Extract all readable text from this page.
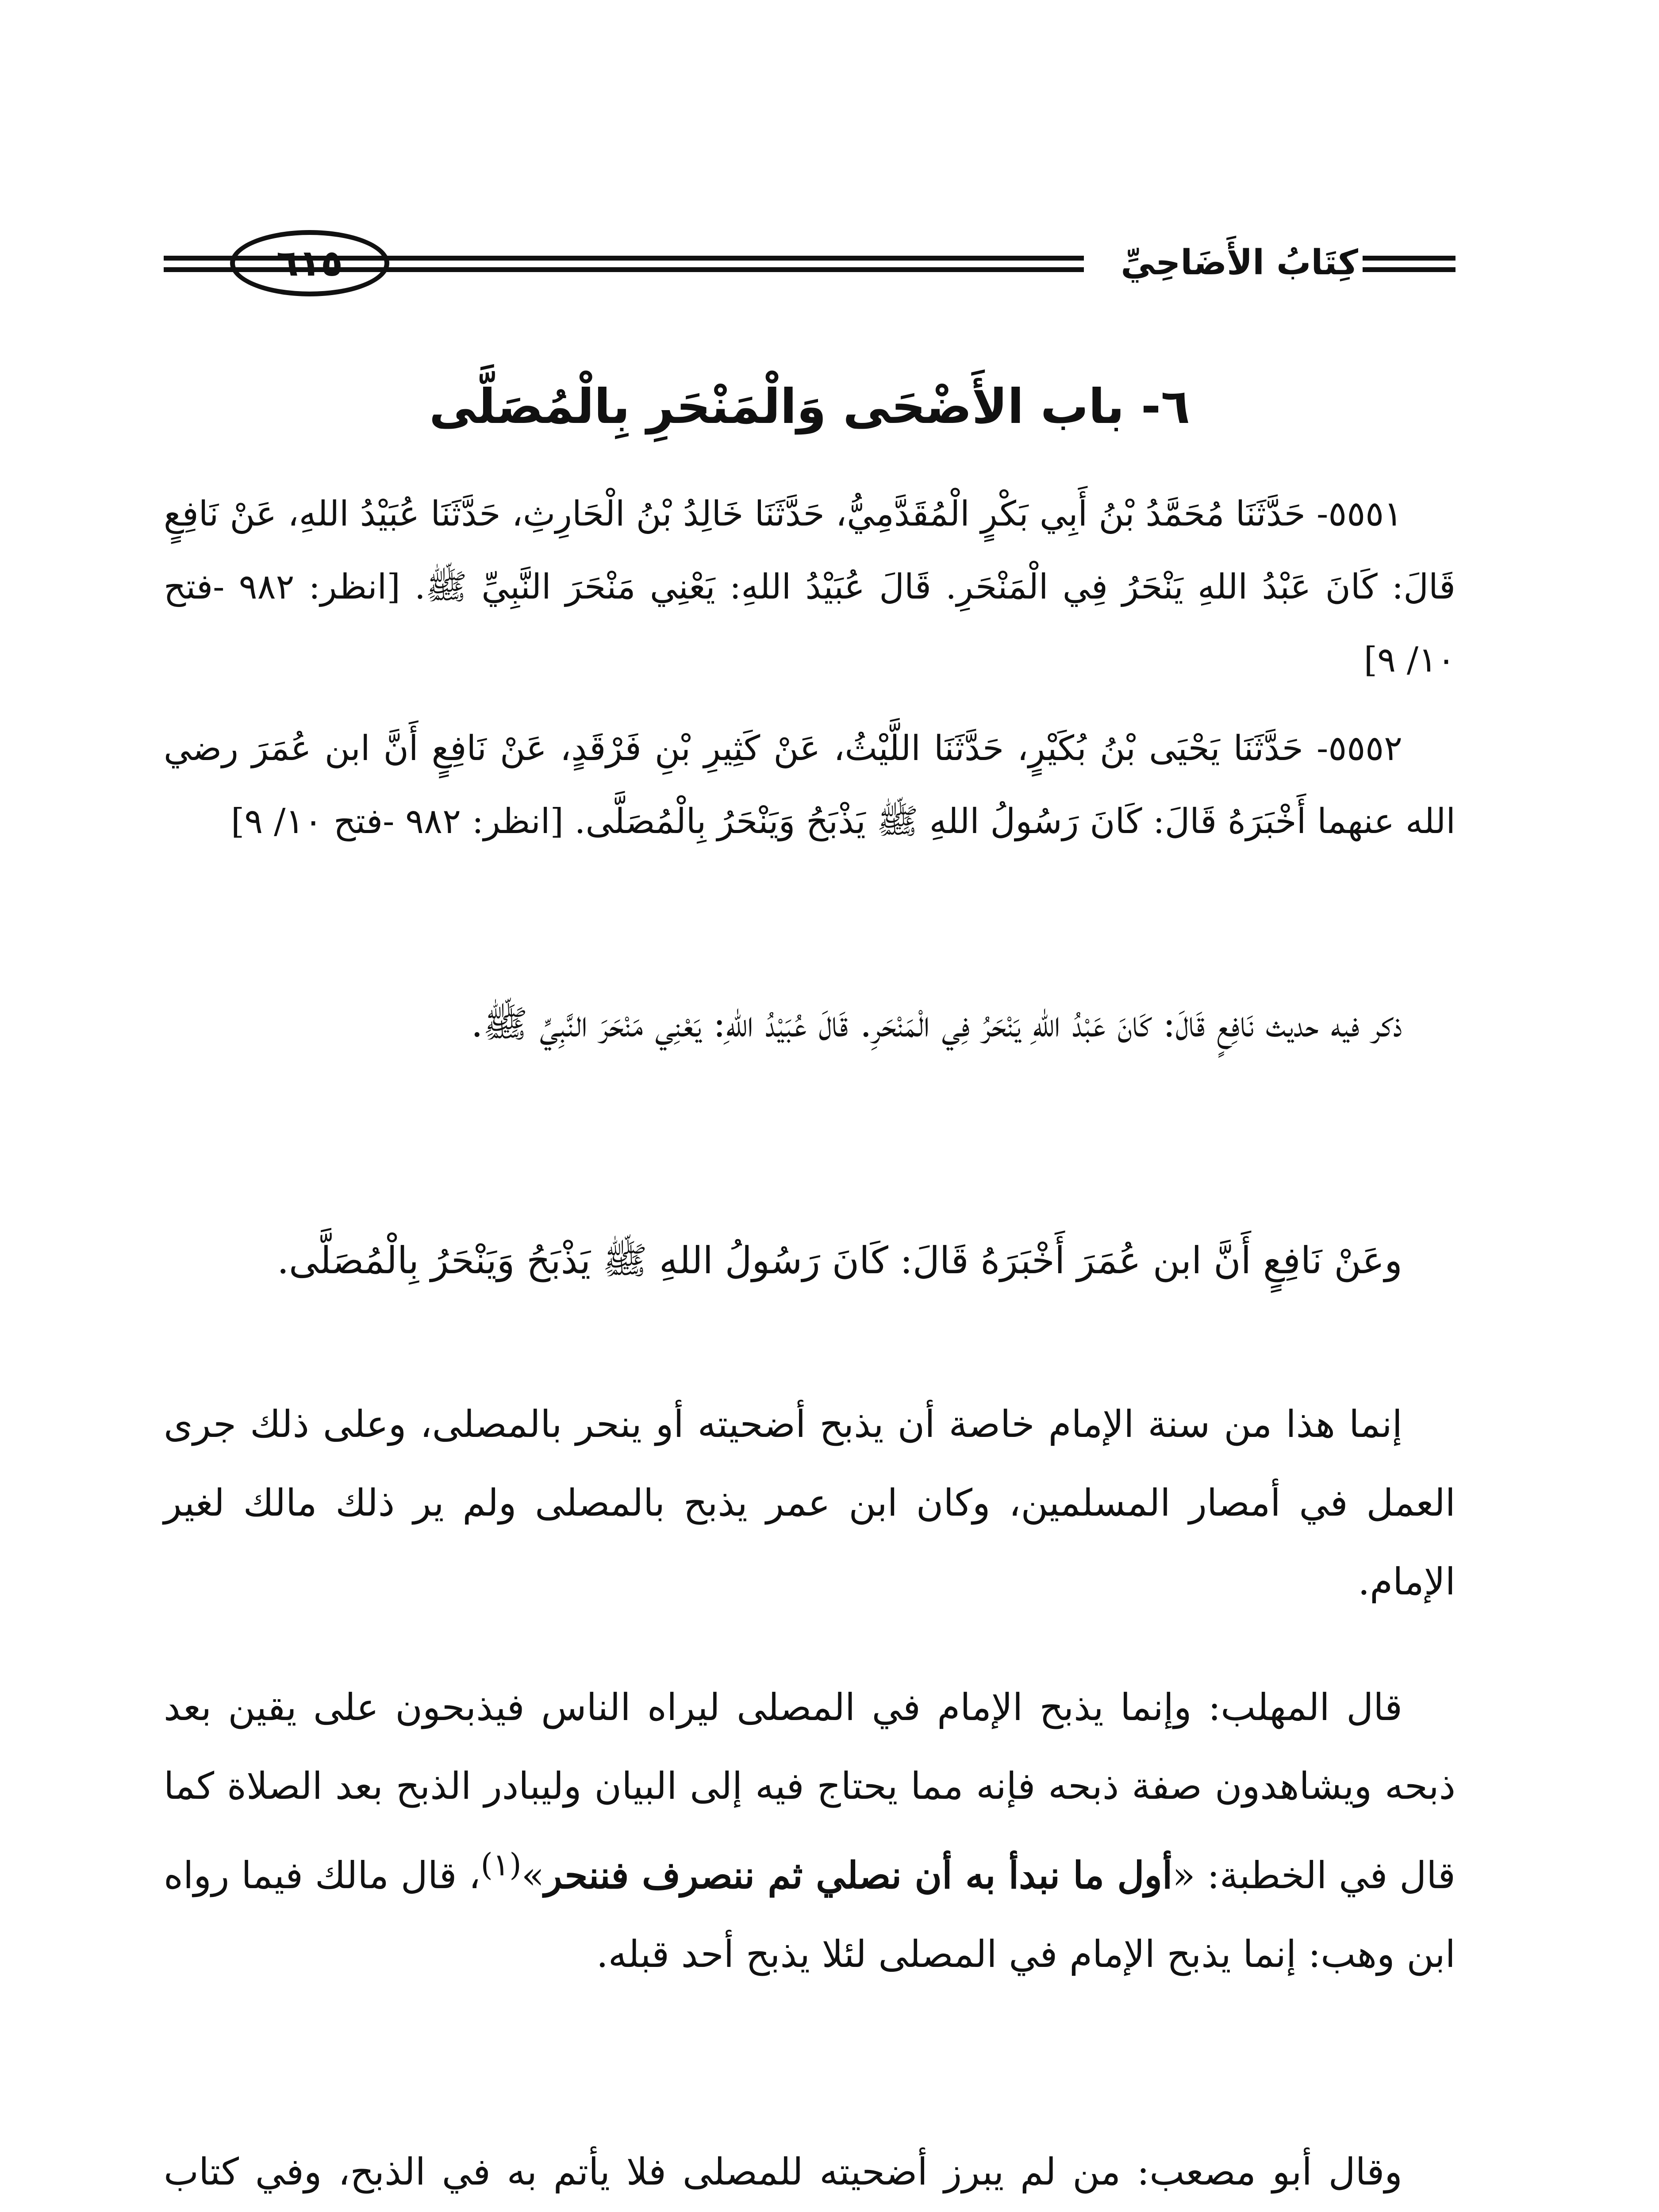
كِتَابُ الأَضَاحِيِّ
٦١٥
٦- باب الأَضْحَى وَالْمَنْحَرِ بِالْمُصَلَّى
٥٥٥١- حَدَّثَنَا مُحَمَّدُ بْنُ أَبِي بَكْرٍ الْمُقَدَّمِيُّ، حَدَّثَنَا خَالِدُ بْنُ الْحَارِثِ، حَدَّثَنَا عُبَيْدُ اللهِ، عَنْ نَافِعٍ قَالَ: كَانَ عَبْدُ اللهِ يَنْحَرُ فِي الْمَنْحَرِ. قَالَ عُبَيْدُ اللهِ: يَعْنِي مَنْحَرَ النَّبِيِّ ﷺ. [انظر: ٩٨٢ -فتح ١٠/ ٩]
٥٥٥٢- حَدَّثَنَا يَحْيَى بْنُ بُكَيْرٍ، حَدَّثَنَا اللَّيْثُ، عَنْ كَثِيرِ بْنِ فَرْقَدٍ، عَنْ نَافِعٍ أَنَّ ابن عُمَرَ رضي الله عنهما أَخْبَرَهُ قَالَ: كَانَ رَسُولُ اللهِ ﷺ يَذْبَحُ وَيَنْحَرُ بِالْمُصَلَّى. [انظر: ٩٨٢ -فتح ١٠/ ٩]
ذكر فيه حديث نَافِعٍ قَالَ: كَانَ عَبْدُ اللهِ يَنْحَرُ فِي الْمَنْحَرِ. قَالَ عُبَيْدُ اللهِ: يَعْنِي مَنْحَرَ النَّبِيِّ ﷺ.
وعَنْ نَافِعٍ أَنَّ ابن عُمَرَ أَخْبَرَهُ قَالَ: كَانَ رَسُولُ اللهِ ﷺ يَذْبَحُ وَيَنْحَرُ بِالْمُصَلَّى.
إنما هذا من سنة الإمام خاصة أن يذبح أضحيته أو ينحر بالمصلى، وعلى ذلك جرى العمل في أمصار المسلمين، وكان ابن عمر يذبح بالمصلى ولم ير ذلك مالك لغير الإمام.
قال المهلب: وإنما يذبح الإمام في المصلى ليراه الناس فيذبحون على يقين بعد ذبحه ويشاهدون صفة ذبحه فإنه مما يحتاج فيه إلى البيان وليبادر الذبح بعد الصلاة كما قال في الخطبة: «أول ما نبدأ به أن نصلي ثم ننصرف فننحر»$^{(١)}$، قال مالك فيما رواه ابن وهب: إنما يذبح الإمام في المصلى لئلا يذبح أحد قبله.
وقال أبو مصعب: من لم يبرز أضحيته للمصلى فلا يأتم به في الذبح، وفي كتاب
